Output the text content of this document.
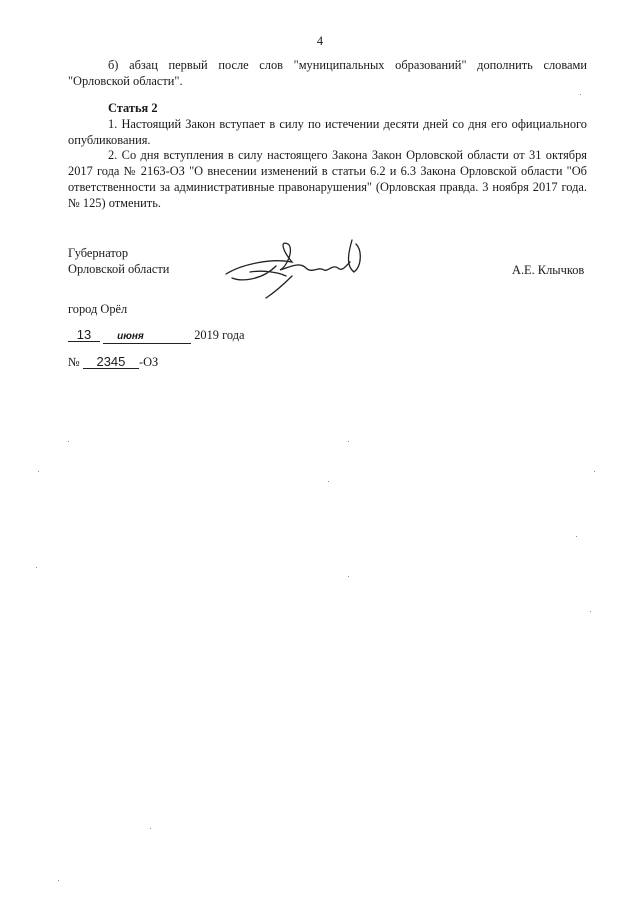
4

б) абзац первый после слов "муниципальных образований" дополнить словами "Орловской области".

Статья 2

1. Настоящий Закон вступает в силу по истечении десяти дней со дня его официального опубликования.

2. Со дня вступления в силу настоящего Закона Закон Орловской области от 31 октября 2017 года № 2163-ОЗ "О внесении изменений в статьи 6.2 и 6.3 Закона Орловской области "Об ответственности за административные правонарушения" (Орловская правда. 3 ноября 2017 года. № 125) отменить.

Губернатор
Орловской области	А.Е. Клычков
город Орёл
13	июня	2019 года
№ 2345 -ОЗ
